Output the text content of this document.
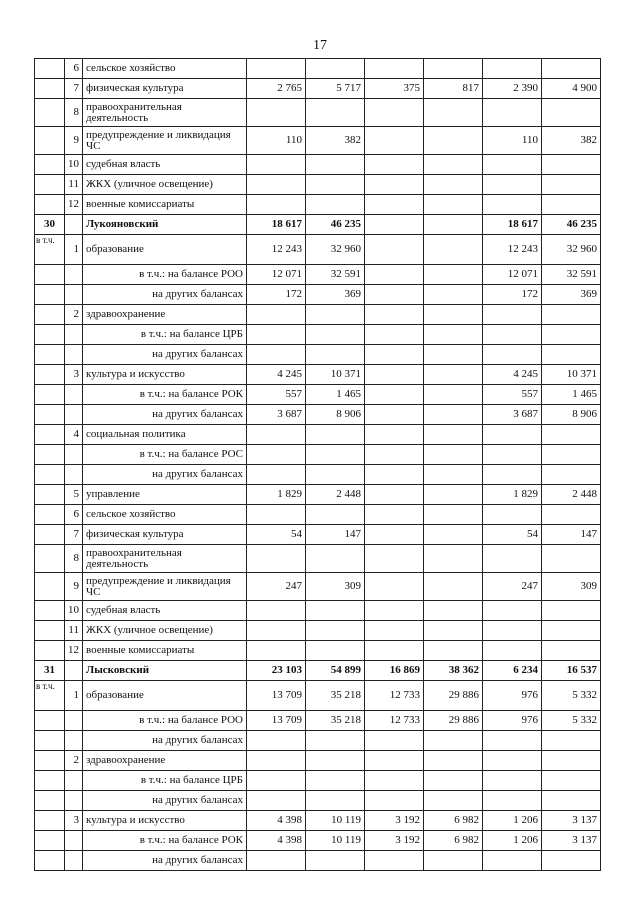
17
	6	сельское хозяйство						
	7	физическая культура	2 765	5 717	375	817	2 390	4 900
	8	правоохранительная деятельность						
	9	предупреждение и ликвидация ЧС	110	382			110	382
	10	судебная власть						
	11	ЖКХ (уличное освещение)						
	12	военные комиссариаты						
30		Лукояновский	18 617	46 235			18 617	46 235
в т.ч.	1	образование	12 243	32 960			12 243	32 960
		в т.ч.: на балансе РОО	12 071	32 591			12 071	32 591
		на других балансах	172	369			172	369
	2	здравоохранение						
		в т.ч.: на балансе ЦРБ						
		на других балансах						
	3	культура и искусство	4 245	10 371			4 245	10 371
		в т.ч.: на балансе РОК	557	1 465			557	1 465
		на других балансах	3 687	8 906			3 687	8 906
	4	социальная политика						
		в т.ч.: на балансе РОС						
		на других балансах						
	5	управление	1 829	2 448			1 829	2 448
	6	сельское хозяйство						
	7	физическая культура	54	147			54	147
	8	правоохранительная деятельность						
	9	предупреждение и ликвидация ЧС	247	309			247	309
	10	судебная власть						
	11	ЖКХ (уличное освещение)						
	12	военные комиссариаты						
31		Лысковский	23 103	54 899	16 869	38 362	6 234	16 537
в т.ч.	1	образование	13 709	35 218	12 733	29 886	976	5 332
		в т.ч.: на балансе РОО	13 709	35 218	12 733	29 886	976	5 332
		на других балансах						
	2	здравоохранение						
		в т.ч.: на балансе ЦРБ						
		на других балансах						
	3	культура и искусство	4 398	10 119	3 192	6 982	1 206	3 137
		в т.ч.: на балансе РОК	4 398	10 119	3 192	6 982	1 206	3 137
		на других балансах						
